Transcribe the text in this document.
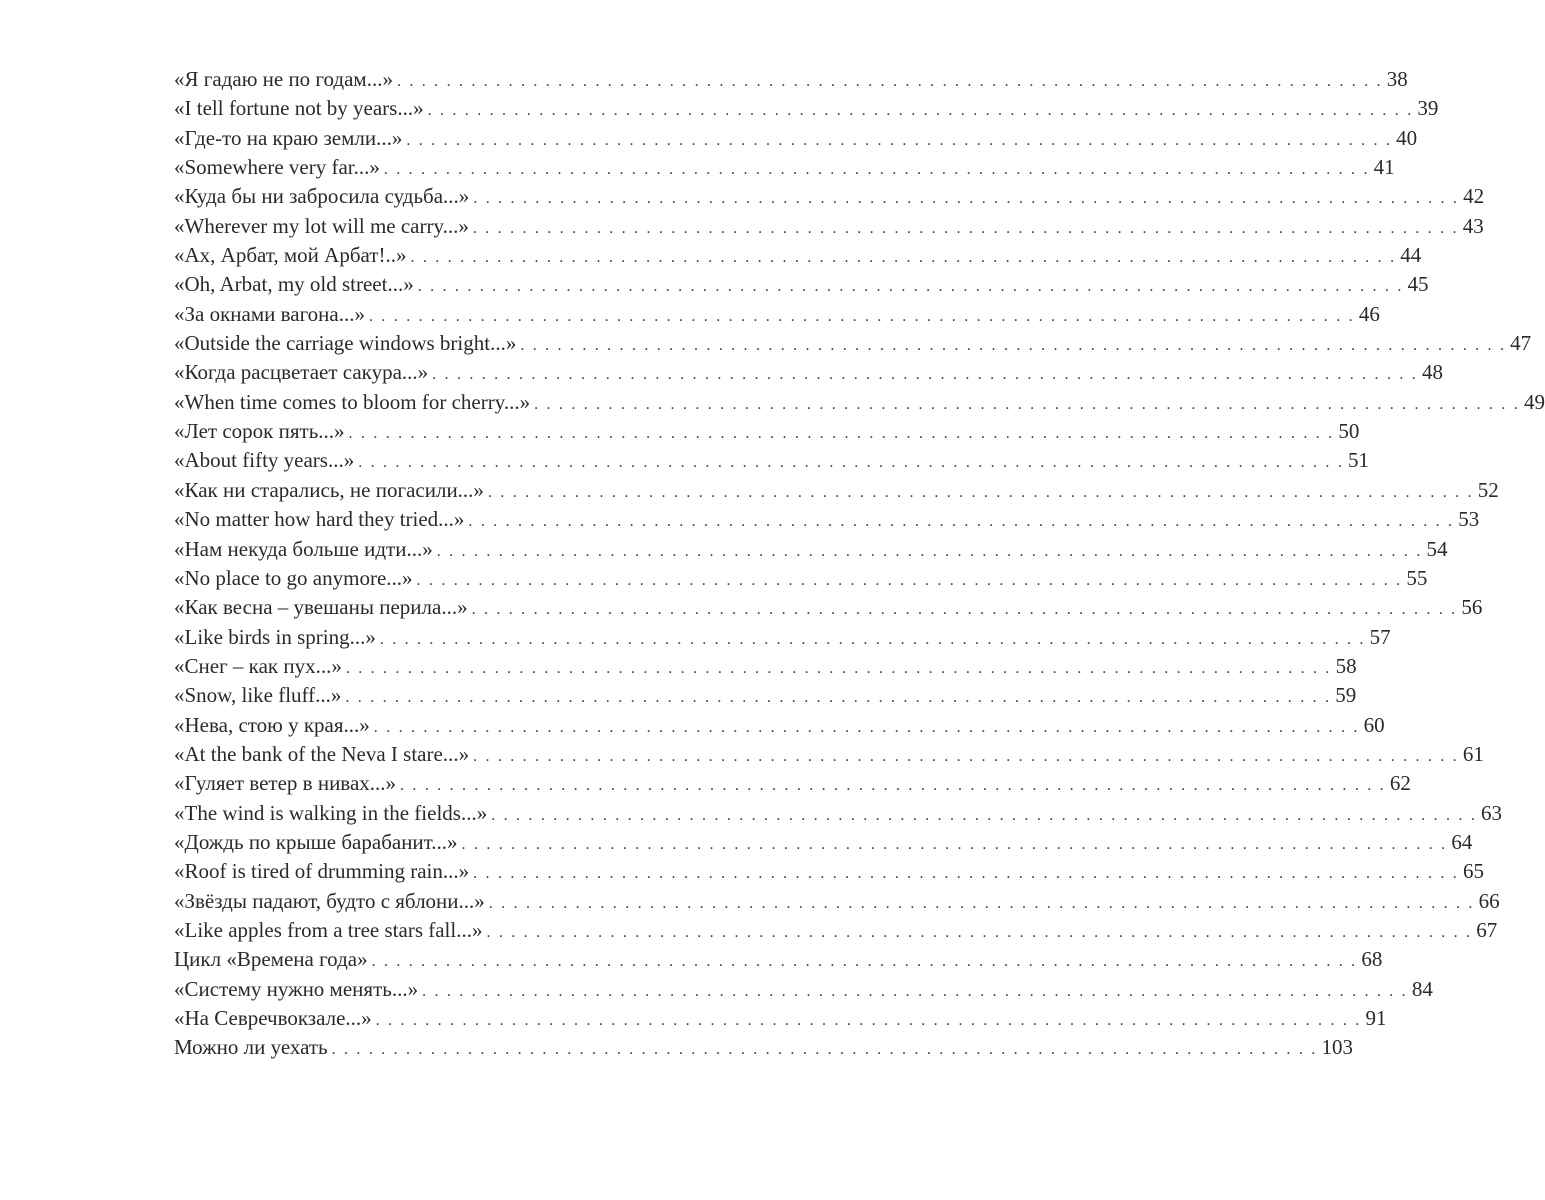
«Я гадаю не по годам...» . . . . . . . . . . . . . . . . . . . . . . . . . . . . . . . . . . . . . . . . . . . . . . . . . . . . . . . . . . . . . . . . . . . . . . . . . . . . . . . . 38
«I tell fortune not by years...» . . . . . . . . . . . . . . . . . . . . . . . . . . . . . . . . . . . . . . . . . . . . . . . . . . . . . . . . . . . . . . . . . . . . . . . . . . . . . . . . 39
«Где-то на краю земли...» . . . . . . . . . . . . . . . . . . . . . . . . . . . . . . . . . . . . . . . . . . . . . . . . . . . . . . . . . . . . . . . . . . . . . . . . . . . . . . . . 40
«Somewhere very far...» . . . . . . . . . . . . . . . . . . . . . . . . . . . . . . . . . . . . . . . . . . . . . . . . . . . . . . . . . . . . . . . . . . . . . . . . . . . . . . . . 41
«Куда бы ни забросила судьба...» . . . . . . . . . . . . . . . . . . . . . . . . . . . . . . . . . . . . . . . . . . . . . . . . . . . . . . . . . . . . . . . . . . . . . . . . . . . . . . . . 42
«Wherever my lot will me carry...» . . . . . . . . . . . . . . . . . . . . . . . . . . . . . . . . . . . . . . . . . . . . . . . . . . . . . . . . . . . . . . . . . . . . . . . . . . . . . . . . 43
«Ах, Арбат, мой Арбат!..» . . . . . . . . . . . . . . . . . . . . . . . . . . . . . . . . . . . . . . . . . . . . . . . . . . . . . . . . . . . . . . . . . . . . . . . . . . . . . . . . 44
«Oh, Arbat, my old street...» . . . . . . . . . . . . . . . . . . . . . . . . . . . . . . . . . . . . . . . . . . . . . . . . . . . . . . . . . . . . . . . . . . . . . . . . . . . . . . . . 45
«За окнами вагона...» . . . . . . . . . . . . . . . . . . . . . . . . . . . . . . . . . . . . . . . . . . . . . . . . . . . . . . . . . . . . . . . . . . . . . . . . . . . . . . . . 46
«Outside the carriage windows bright...» . . . . . . . . . . . . . . . . . . . . . . . . . . . . . . . . . . . . . . . . . . . . . . . . . . . . . . . . . . . . . . . . . . . . . . . . . . . . . . . . 47
«Когда расцветает сакура...» . . . . . . . . . . . . . . . . . . . . . . . . . . . . . . . . . . . . . . . . . . . . . . . . . . . . . . . . . . . . . . . . . . . . . . . . . . . . . . . . 48
«When time comes to bloom for cherry...» . . . . . . . . . . . . . . . . . . . . . . . . . . . . . . . . . . . . . . . . . . . . . . . . . . . . . . . . . . . . . . . . . . . . . . . . . . . . . . . . 49
«Лет сорок пять...» . . . . . . . . . . . . . . . . . . . . . . . . . . . . . . . . . . . . . . . . . . . . . . . . . . . . . . . . . . . . . . . . . . . . . . . . . . . . . . . . 50
«About fifty years...» . . . . . . . . . . . . . . . . . . . . . . . . . . . . . . . . . . . . . . . . . . . . . . . . . . . . . . . . . . . . . . . . . . . . . . . . . . . . . . . . 51
«Как ни старались, не погасили...» . . . . . . . . . . . . . . . . . . . . . . . . . . . . . . . . . . . . . . . . . . . . . . . . . . . . . . . . . . . . . . . . . . . . . . . . . . . . . . . . 52
«No matter how hard they tried...» . . . . . . . . . . . . . . . . . . . . . . . . . . . . . . . . . . . . . . . . . . . . . . . . . . . . . . . . . . . . . . . . . . . . . . . . . . . . . . . . 53
«Нам некуда больше идти...» . . . . . . . . . . . . . . . . . . . . . . . . . . . . . . . . . . . . . . . . . . . . . . . . . . . . . . . . . . . . . . . . . . . . . . . . . . . . . . . . 54
«No place to go anymore...» . . . . . . . . . . . . . . . . . . . . . . . . . . . . . . . . . . . . . . . . . . . . . . . . . . . . . . . . . . . . . . . . . . . . . . . . . . . . . . . . 55
«Как весна – увешаны перила...» . . . . . . . . . . . . . . . . . . . . . . . . . . . . . . . . . . . . . . . . . . . . . . . . . . . . . . . . . . . . . . . . . . . . . . . . . . . . . . . . 56
«Like birds in spring...» . . . . . . . . . . . . . . . . . . . . . . . . . . . . . . . . . . . . . . . . . . . . . . . . . . . . . . . . . . . . . . . . . . . . . . . . . . . . . . . . 57
«Снег – как пух...» . . . . . . . . . . . . . . . . . . . . . . . . . . . . . . . . . . . . . . . . . . . . . . . . . . . . . . . . . . . . . . . . . . . . . . . . . . . . . . . . 58
«Snow, like fluff...» . . . . . . . . . . . . . . . . . . . . . . . . . . . . . . . . . . . . . . . . . . . . . . . . . . . . . . . . . . . . . . . . . . . . . . . . . . . . . . . . 59
«Нева, стою у края...» . . . . . . . . . . . . . . . . . . . . . . . . . . . . . . . . . . . . . . . . . . . . . . . . . . . . . . . . . . . . . . . . . . . . . . . . . . . . . . . . 60
«At the bank of the Neva I stare...» . . . . . . . . . . . . . . . . . . . . . . . . . . . . . . . . . . . . . . . . . . . . . . . . . . . . . . . . . . . . . . . . . . . . . . . . . . . . . . . . 61
«Гуляет ветер в нивах...» . . . . . . . . . . . . . . . . . . . . . . . . . . . . . . . . . . . . . . . . . . . . . . . . . . . . . . . . . . . . . . . . . . . . . . . . . . . . . . . . 62
«The wind is walking in the fields...» . . . . . . . . . . . . . . . . . . . . . . . . . . . . . . . . . . . . . . . . . . . . . . . . . . . . . . . . . . . . . . . . . . . . . . . . . . . . . . . . 63
«Дождь по крыше барабанит...» . . . . . . . . . . . . . . . . . . . . . . . . . . . . . . . . . . . . . . . . . . . . . . . . . . . . . . . . . . . . . . . . . . . . . . . . . . . . . . . . 64
«Roof is tired of drumming rain...» . . . . . . . . . . . . . . . . . . . . . . . . . . . . . . . . . . . . . . . . . . . . . . . . . . . . . . . . . . . . . . . . . . . . . . . . . . . . . . . . 65
«Звёзды падают, будто с яблони...» . . . . . . . . . . . . . . . . . . . . . . . . . . . . . . . . . . . . . . . . . . . . . . . . . . . . . . . . . . . . . . . . . . . . . . . . . . . . . . . . 66
«Like apples from a tree stars fall...» . . . . . . . . . . . . . . . . . . . . . . . . . . . . . . . . . . . . . . . . . . . . . . . . . . . . . . . . . . . . . . . . . . . . . . . . . . . . . . . . 67
Цикл «Времена года» . . . . . . . . . . . . . . . . . . . . . . . . . . . . . . . . . . . . . . . . . . . . . . . . . . . . . . . . . . . . . . . . . . . . . . . . . . . . . . . . 68
«Систему нужно менять...» . . . . . . . . . . . . . . . . . . . . . . . . . . . . . . . . . . . . . . . . . . . . . . . . . . . . . . . . . . . . . . . . . . . . . . . . . . . . . . . . 84
«На Севречвокзале...» . . . . . . . . . . . . . . . . . . . . . . . . . . . . . . . . . . . . . . . . . . . . . . . . . . . . . . . . . . . . . . . . . . . . . . . . . . . . . . . . 91
Можно ли уехать . . . . . . . . . . . . . . . . . . . . . . . . . . . . . . . . . . . . . . . . . . . . . . . . . . . . . . . . . . . . . . . . . . . . . . . . . . . . . . . . 103
